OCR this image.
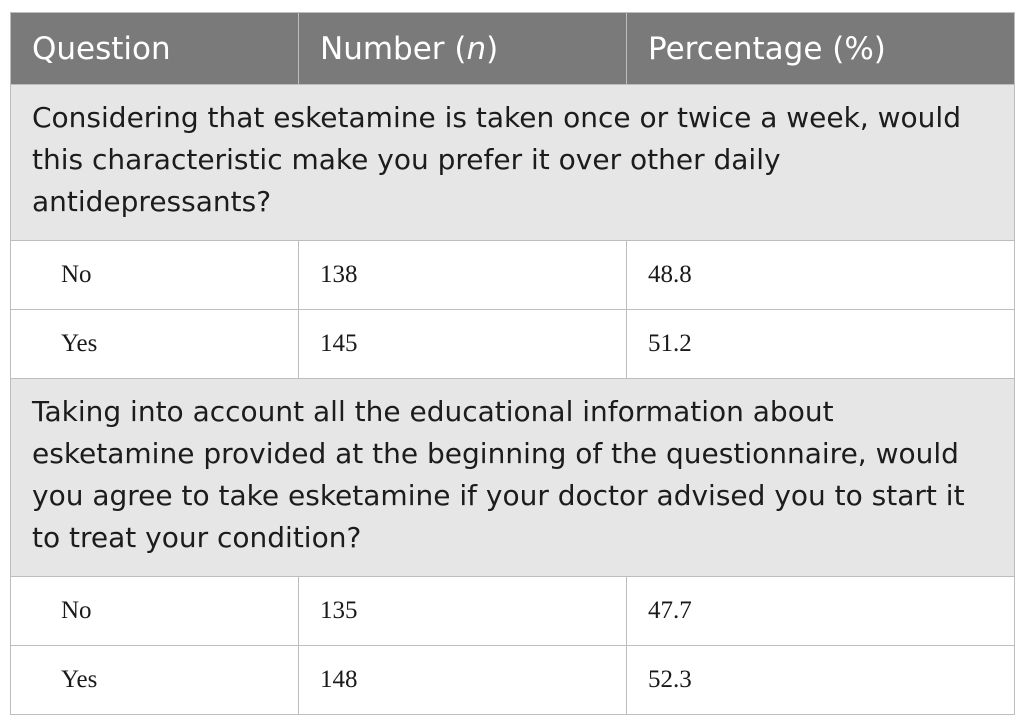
Question	Number (n)	Percentage (%)
Considering that esketamine is taken once or twice a week, would this characteristic make you prefer it over other daily antidepressants?		
No	138	48.8
Yes	145	51.2
Taking into account all the educational information about esketamine provided at the beginning of the questionnaire, would you agree to take esketamine if your doctor advised you to start it to treat your condition?		
No	135	47.7
Yes	148	52.3
